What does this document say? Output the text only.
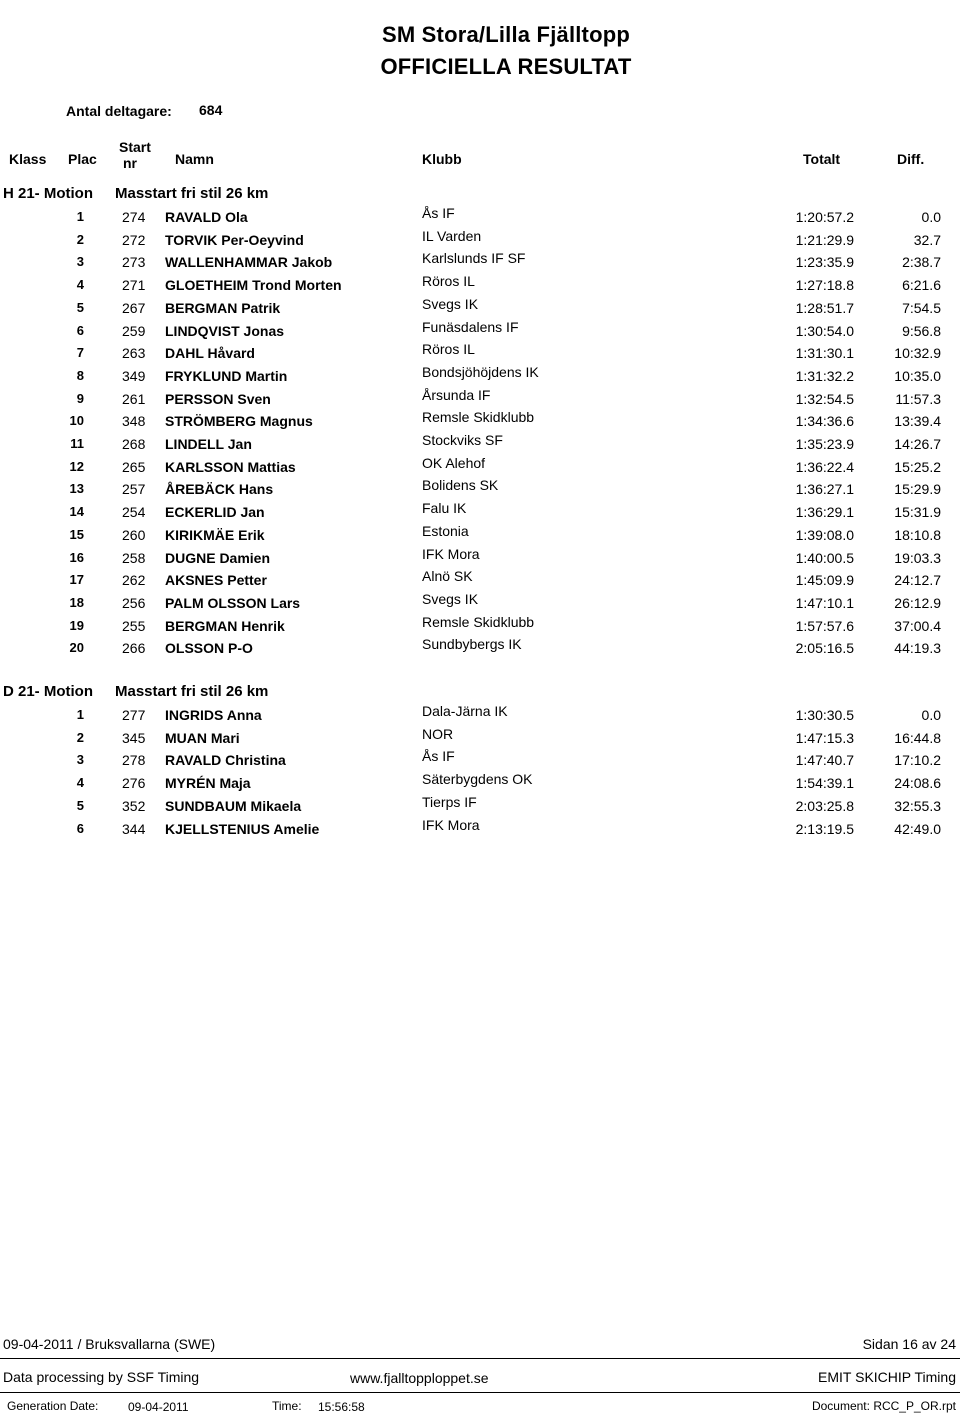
SM Stora/Lilla Fjälltopp
OFFICIELLA RESULTAT
Antal deltagare: 684
Klass Plac
Start
nr	Namn	Klubb	Totalt	Diff.
H 21- Motion Masstart fri stil 26 km
1	274 RAVALD Ola	Ås IF	1:20:57.2	0.0
2	272 TORVIK Per-Oeyvind	IL Varden	1:21:29.9	32.7
3	273 WALLENHAMMAR Jakob	Karlslunds IF SF	1:23:35.9	2:38.7
4	271 GLOETHEIM Trond Morten	Röros IL	1:27:18.8	6:21.6
5	267 BERGMAN Patrik	Svegs IK	1:28:51.7	7:54.5
6	259 LINDQVIST Jonas	Funäsdalens IF	1:30:54.0	9:56.8
7	263 DAHL Håvard	Röros IL	1:31:30.1	10:32.9
8	349 FRYKLUND Martin	Bondsjöhöjdens IK	1:31:32.2	10:35.0
9	261 PERSSON Sven	Årsunda IF	1:32:54.5	11:57.3
10	348 STRÖMBERG Magnus	Remsle Skidklubb	1:34:36.6	13:39.4
11	268 LINDELL Jan	Stockviks SF	1:35:23.9	14:26.7
12	265 KARLSSON Mattias	OK Alehof	1:36:22.4	15:25.2
13	257 ÅREBÄCK Hans	Bolidens SK	1:36:27.1	15:29.9
14	254 ECKERLID Jan	Falu IK	1:36:29.1	15:31.9
15	260 KIRIKMÄE Erik	Estonia	1:39:08.0	18:10.8
16	258 DUGNE Damien	IFK Mora	1:40:00.5	19:03.3
17	262 AKSNES Petter	Alnö SK	1:45:09.9	24:12.7
18	256 PALM OLSSON Lars	Svegs IK	1:47:10.1	26:12.9
19	255 BERGMAN Henrik	Remsle Skidklubb	1:57:57.6	37:00.4
20	266 OLSSON P-O	Sundbybergs IK	2:05:16.5	44:19.3
D 21- Motion Masstart fri stil 26 km
1	277 INGRIDS Anna	Dala-Järna IK	1:30:30.5	0.0
2	345 MUAN Mari	NOR	1:47:15.3	16:44.8
3	278 RAVALD Christina	Ås IF	1:47:40.7	17:10.2
4	276 MYRÉN Maja	Säterbygdens OK	1:54:39.1	24:08.6
5	352 SUNDBAUM Mikaela	Tierps IF	2:03:25.8	32:55.3
6	344 KJELLSTENIUS Amelie	IFK Mora	2:13:19.5	42:49.0
09-04-2011 / Bruksvallarna (SWE)	Sidan 16 av 24
Data processing by SSF Timing	www.fjalltopploppet.se	EMIT SKICHIP Timing
Generation Date: 09-04-2011	Time: 15:56:58	Document: RCC_P_OR.rpt
